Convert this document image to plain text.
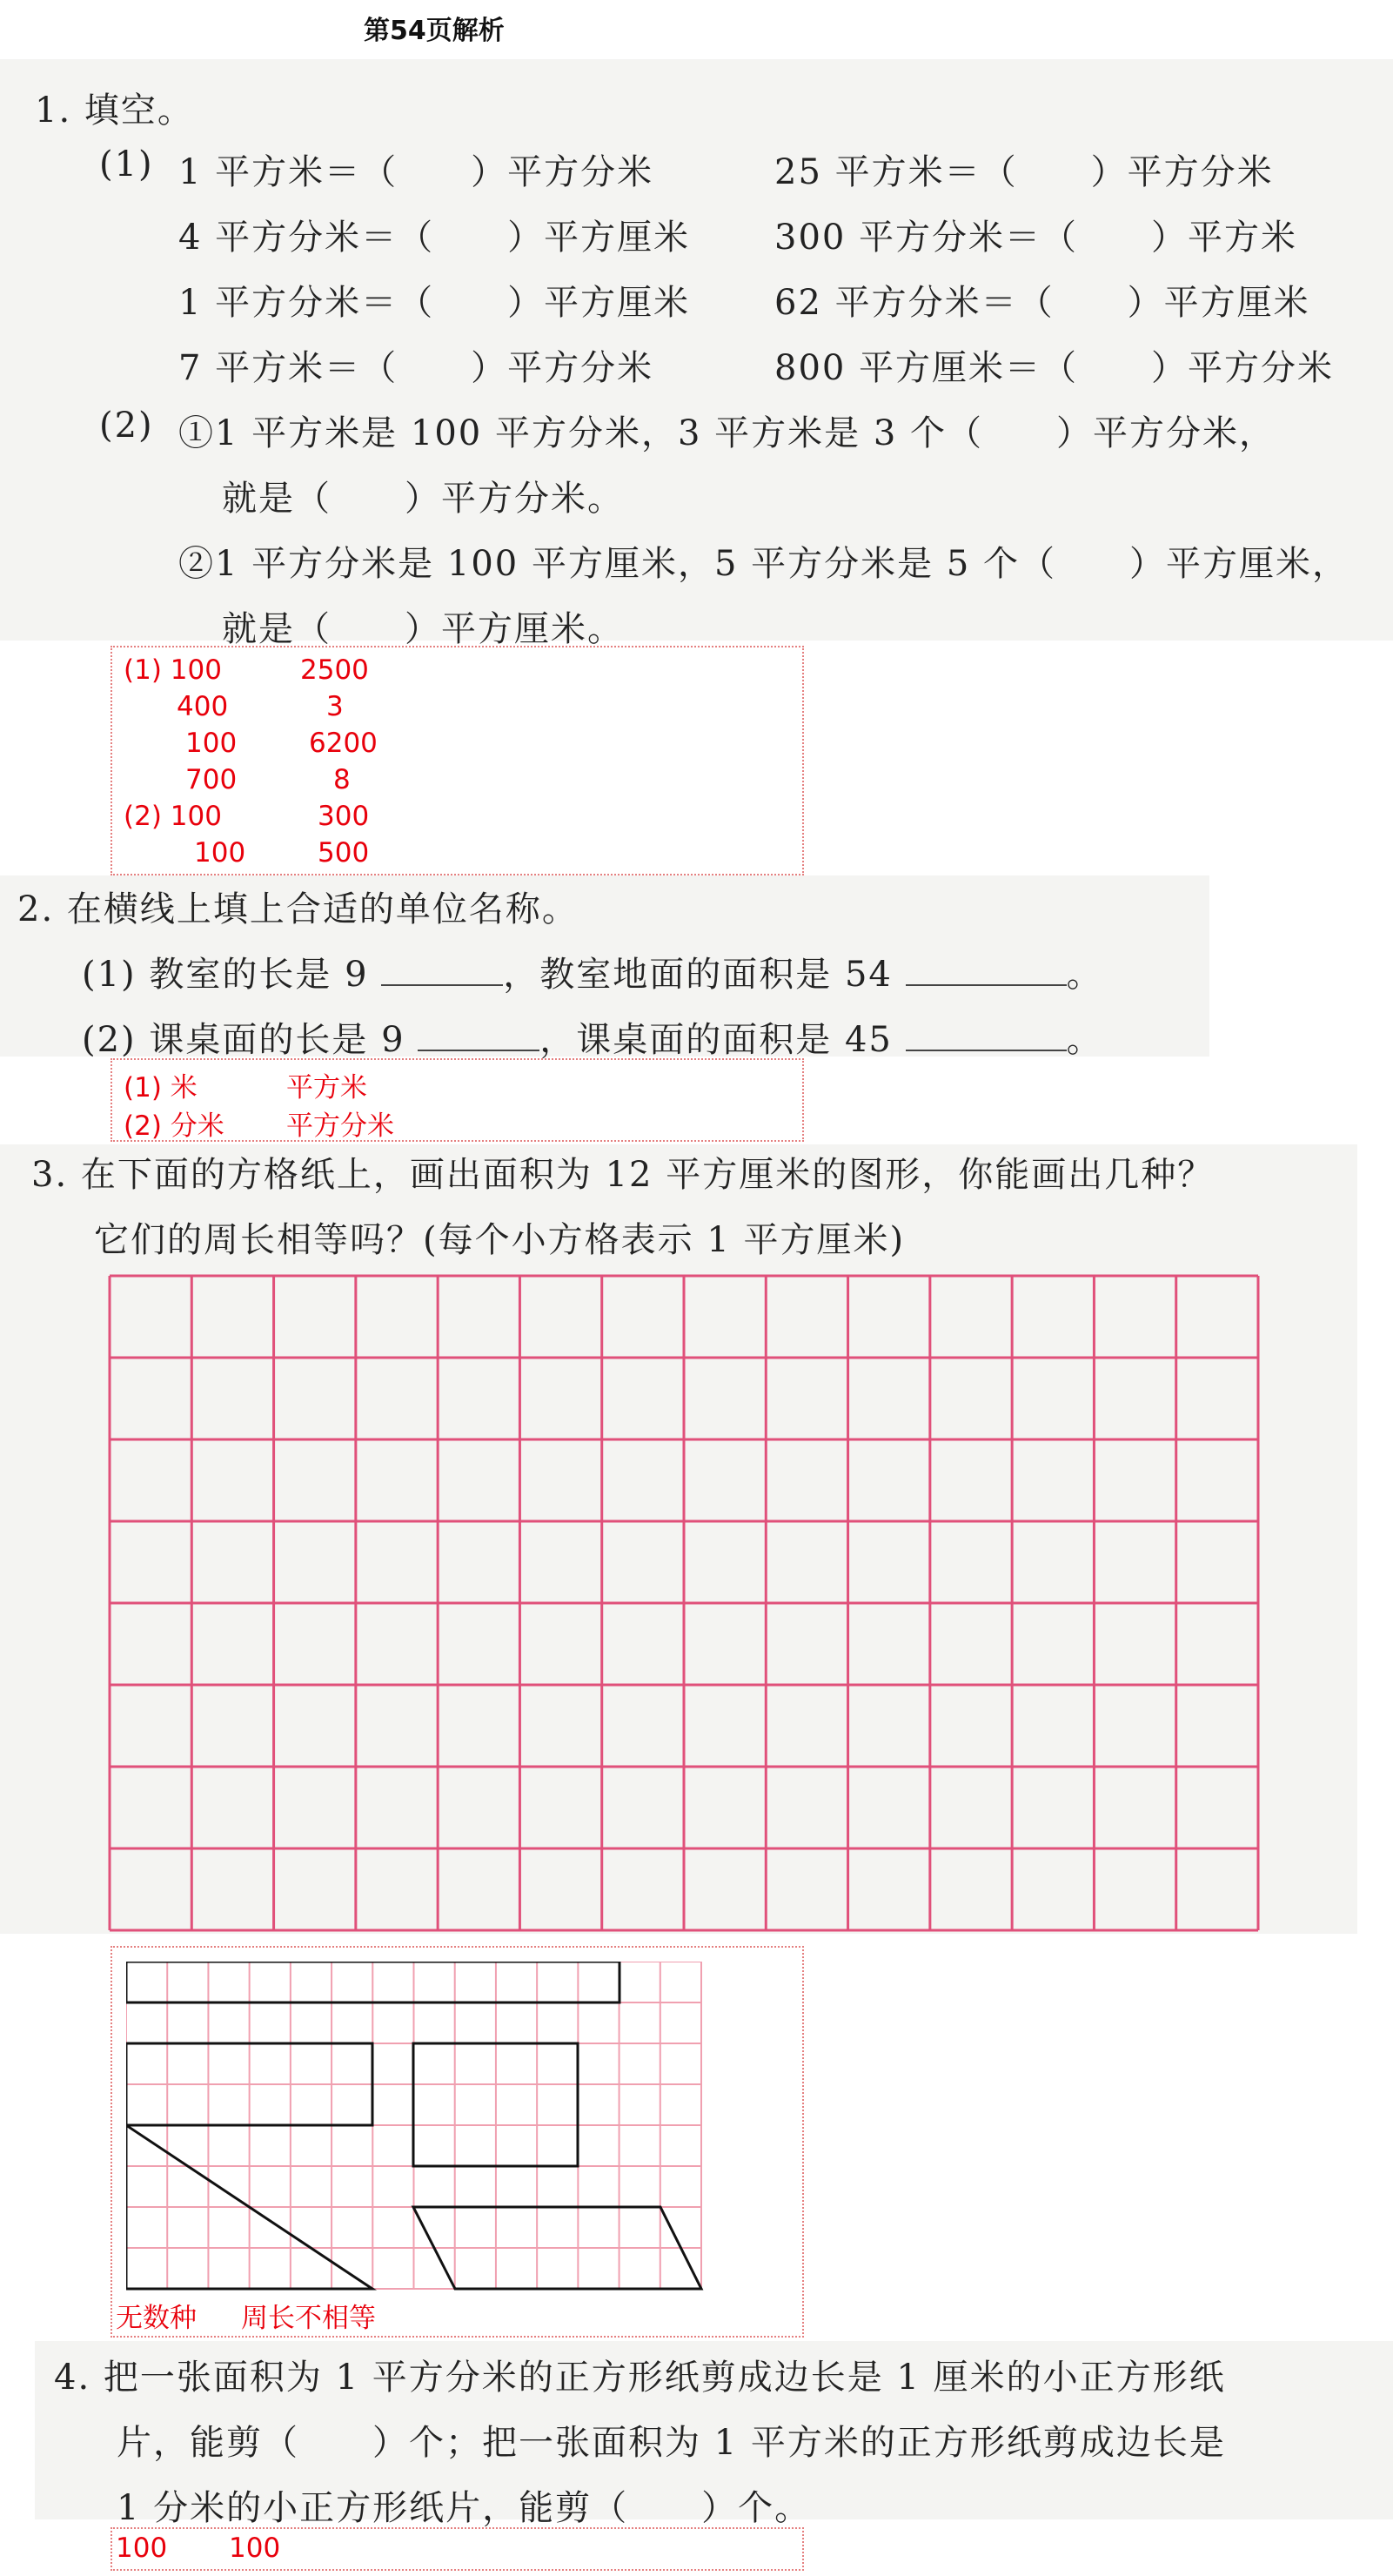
第54页解析
1. 填空。
(1) 1 平方米＝（　　）平方分米	25 平方米＝（　　）平方分米
4 平方分米＝（　　）平方厘米 300 平方分米＝（　　）平方米
1 平方分米＝（　　）平方厘米 62 平方分米＝（　　）平方厘米
7 平方米＝（　　）平方分米	800 平方厘米＝（　　）平方分米
(2) ①1 平方米是 100 平方分米，3 平方米是 3 个（　　）平方分米，
就是（　　）平方分米。
②1 平方分米是 100 平方厘米，5 平方分米是 5 个（　　）平方厘米，
就是（　　）平方厘米。
(1) 100	2500
400	3
100	6200
700	8
(2) 100	300
100	500
2. 在横线上填上合适的单位名称。
(1) 教室的长是 9	，教室地面的面积是 54	。
(2) 课桌面的长是 9	，课桌面的面积是 45	。
(1) 米	平方米
(2) 分米 平方分米
3. 在下面的方格纸上，画出面积为 12 平方厘米的图形，你能画出几种？
它们的周长相等吗？(每个小方格表示 1 平方厘米)
无数种 周长不相等
4. 把一张面积为 1 平方分米的正方形纸剪成边长是 1 厘米的小正方形纸
片，能剪（　　）个；把一张面积为 1 平方米的正方形纸剪成边长是
1 分米的小正方形纸片，能剪（　　）个。
100 100
